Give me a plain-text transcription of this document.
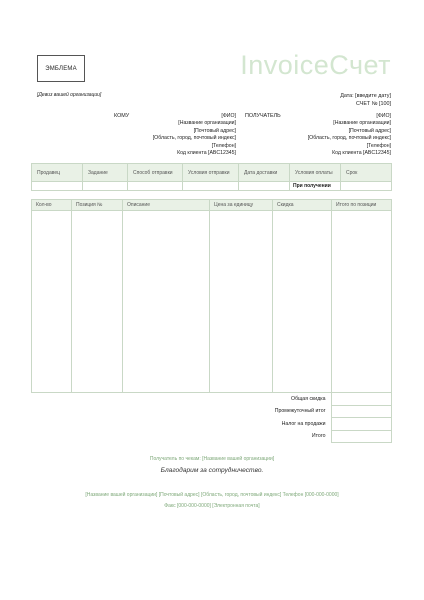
ЭМБЛЕМА	InvoiceСчет
[Девиз вашей организации]	Дата: [введите дату]
СЧЕТ № [100]
КОМУ	[ФИО]
[Название организации]
[Почтовый адрес]
[Область, город, почтовый индекс]
[Телефон]
Код клиента [ABC12345]
ПОЛУЧАТЕЛЬ	[ФИО]
[Название организации]
[Почтовый адрес]
[Область, город, почтовый индекс]
[Телефон]
Код клиента [ABC12345]
Продавец	Задание	Способ отправки	Условия отправки	Дата доставки	Условия оплаты	Срок
					При получении	
Кол-во	Позиция №	Описание	Цена за единицу	Скидка	Итого по позиции

Общая скидка	
Промежуточный итог	
Налог на продажи	
Итого	
Получатель по чекам: [Название вашей организации]
Благодарим за сотрудничество.
[Название вашей организации] [Почтовый адрес] [Область, город, почтовый индекс] Телефон [000-000-0000]
Факс [000-000-0000] [Электронная почта]
